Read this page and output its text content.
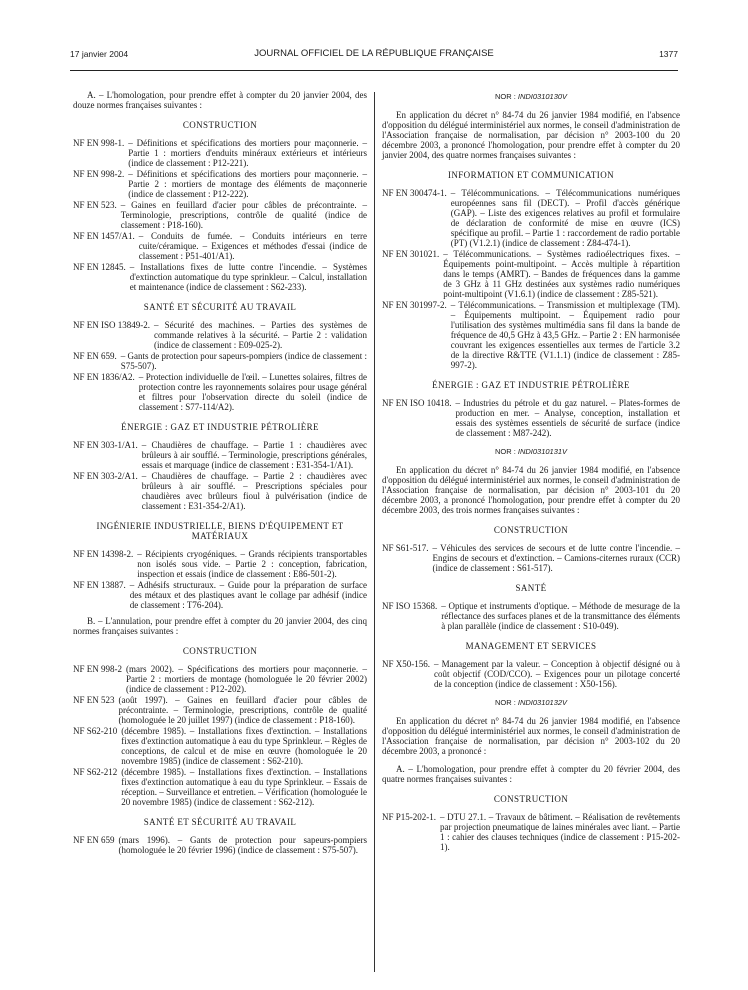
17 janvier 2004	JOURNAL OFFICIEL DE LA RÉPUBLIQUE FRANÇAISE	1377

A. – L'homologation, pour prendre effet à compter du 20 janvier 2004, des douze normes françaises suivantes :

CONSTRUCTION

NF EN 998-1. – Définitions et spécifications des mortiers pour maçonnerie. – Partie 1 : mortiers d'enduits minéraux extérieurs et intérieurs (indice de classement : P12-221).
NF EN 998-2. – Définitions et spécifications des mortiers pour maçonnerie. – Partie 2 : mortiers de montage des éléments de maçonnerie (indice de classement : P12-222).
NF EN 523. – Gaines en feuillard d'acier pour câbles de précontrainte. – Terminologie, prescriptions, contrôle de qualité (indice de classement : P18-160).
NF EN 1457/A1. – Conduits de fumée. – Conduits intérieurs en terre cuite/céramique. – Exigences et méthodes d'essai (indice de classement : P51-401/A1).
NF EN 12845. – Installations fixes de lutte contre l'incendie. – Systèmes d'extinction automatique du type sprinkleur. – Calcul, installation et maintenance (indice de classement : S62-233).

SANTÉ ET SÉCURITÉ AU TRAVAIL

NF EN ISO 13849-2. – Sécurité des machines. – Parties des systèmes de commande relatives à la sécurité. – Partie 2 : validation (indice de classement : E09-025-2).
NF EN 659. – Gants de protection pour sapeurs-pompiers (indice de classement : S75-507).
NF EN 1836/A2. – Protection individuelle de l'œil. – Lunettes solaires, filtres de protection contre les rayonnements solaires pour usage général et filtres pour l'observation directe du soleil (indice de classement : S77-114/A2).

ÉNERGIE : GAZ ET INDUSTRIE PÉTROLIÈRE

NF EN 303-1/A1. – Chaudières de chauffage. – Partie 1 : chaudières avec brûleurs à air soufflé. – Terminologie, prescriptions générales, essais et marquage (indice de classement : E31-354-1/A1).
NF EN 303-2/A1. – Chaudières de chauffage. – Partie 2 : chaudières avec brûleurs à air soufflé. – Prescriptions spéciales pour chaudières avec brûleurs fioul à pulvérisation (indice de classement : E31-354-2/A1).

INGÉNIERIE INDUSTRIELLE, BIENS D'ÉQUIPEMENT ET MATÉRIAUX

NF EN 14398-2. – Récipients cryogéniques. – Grands récipients transportables non isolés sous vide. – Partie 2 : conception, fabrication, inspection et essais (indice de classement : E86-501-2).
NF EN 13887. – Adhésifs structuraux. – Guide pour la préparation de surface des métaux et des plastiques avant le collage par adhésif (indice de classement : T76-204).

B. – L'annulation, pour prendre effet à compter du 20 janvier 2004, des cinq normes françaises suivantes :

CONSTRUCTION

NF EN 998-2 (mars 2002). – Spécifications des mortiers pour maçonnerie. – Partie 2 : mortiers de montage (homologuée le 20 février 2002) (indice de classement : P12-202).
NF EN 523 (août 1997). – Gaines en feuillard d'acier pour câbles de précontrainte. – Terminologie, prescriptions, contrôle de qualité (homologuée le 20 juillet 1997) (indice de classement : P18-160).
NF S62-210 (décembre 1985). – Installations fixes d'extinction. – Installations fixes d'extinction automatique à eau du type Sprinkleur. – Règles de conceptions, de calcul et de mise en œuvre (homologuée le 20 novembre 1985) (indice de classement : S62-210).
NF S62-212 (décembre 1985). – Installations fixes d'extinction. – Installations fixes d'extinction automatique à eau du type Sprinkleur. – Essais de réception. – Surveillance et entretien. – Vérification (homologuée le 20 novembre 1985) (indice de classement : S62-212).

SANTÉ ET SÉCURITÉ AU TRAVAIL

NF EN 659 (mars 1996). – Gants de protection pour sapeurs-pompiers (homologuée le 20 février 1996) (indice de classement : S75-507).

NOR : INDI0310130V

En application du décret n° 84-74 du 26 janvier 1984 modifié, en l'absence d'opposition du délégué interministériel aux normes, le conseil d'administration de l'Association française de normalisation, par décision n° 2003-100 du 20 décembre 2003, a prononcé l'homologation, pour prendre effet à compter du 20 janvier 2004, des quatre normes françaises suivantes :

INFORMATION ET COMMUNICATION

NF EN 300474-1. – Télécommunications. – Télécommunications numériques européennes sans fil (DECT). – Profil d'accès générique (GAP). – Liste des exigences relatives au profil et formulaire de déclaration de conformité de mise en œuvre (ICS) spécifique au profil. – Partie 1 : raccordement de radio portable (PT) (V1.2.1) (indice de classement : Z84-474-1).
NF EN 301021. – Télécommunications. – Systèmes radioélectriques fixes. – Équipements point-multipoint. – Accès multiple à répartition dans le temps (AMRT). – Bandes de fréquences dans la gamme de 3 GHz à 11 GHz destinées aux systèmes radio numériques point-multipoint (V1.6.1) (indice de classement : Z85-521).
NF EN 301997-2. – Télécommunications. – Transmission et multiplexage (TM). – Équipements multipoint. – Équipement radio pour l'utilisation des systèmes multimédia sans fil dans la bande de fréquence de 40,5 GHz à 43,5 GHz. – Partie 2 : EN harmonisée couvrant les exigences essentielles aux termes de l'article 3.2 de la directive R&TTE (V1.1.1) (indice de classement : Z85-997-2).

ÉNERGIE : GAZ ET INDUSTRIE PÉTROLIÈRE

NF EN ISO 10418. – Industries du pétrole et du gaz naturel. – Plates-formes de production en mer. – Analyse, conception, installation et essais des systèmes essentiels de sécurité de surface (indice de classement : M87-242).

NOR : INDI0310131V

En application du décret n° 84-74 du 26 janvier 1984 modifié, en l'absence d'opposition du délégué interministériel aux normes, le conseil d'administration de l'Association française de normalisation, par décision n° 2003-101 du 20 décembre 2003, a prononcé l'homologation, pour prendre effet à compter du 20 décembre 2003, des trois normes françaises suivantes :

CONSTRUCTION

NF S61-517. – Véhicules des services de secours et de lutte contre l'incendie. – Engins de secours et d'extinction. – Camions-citernes ruraux (CCR) (indice de classement : S61-517).

SANTÉ

NF ISO 15368. – Optique et instruments d'optique. – Méthode de mesurage de la réflectance des surfaces planes et de la transmittance des éléments à plan parallèle (indice de classement : S10-049).

MANAGEMENT ET SERVICES

NF X50-156. – Management par la valeur. – Conception à objectif désigné ou à coût objectif (COD/CCO). – Exigences pour un pilotage concerté de la conception (indice de classement : X50-156).

NOR : INDI0310132V

En application du décret n° 84-74 du 26 janvier 1984 modifié, en l'absence d'opposition du délégué interministériel aux normes, le conseil d'administration de l'Association française de normalisation, par décision n° 2003-102 du 20 décembre 2003, a prononcé :

A. – L'homologation, pour prendre effet à compter du 20 février 2004, des quatre normes françaises suivantes :

CONSTRUCTION

NF P15-202-1. – DTU 27.1. – Travaux de bâtiment. – Réalisation de revêtements par projection pneumatique de laines minérales avec liant. – Partie 1 : cahier des clauses techniques (indice de classement : P15-202-1).
